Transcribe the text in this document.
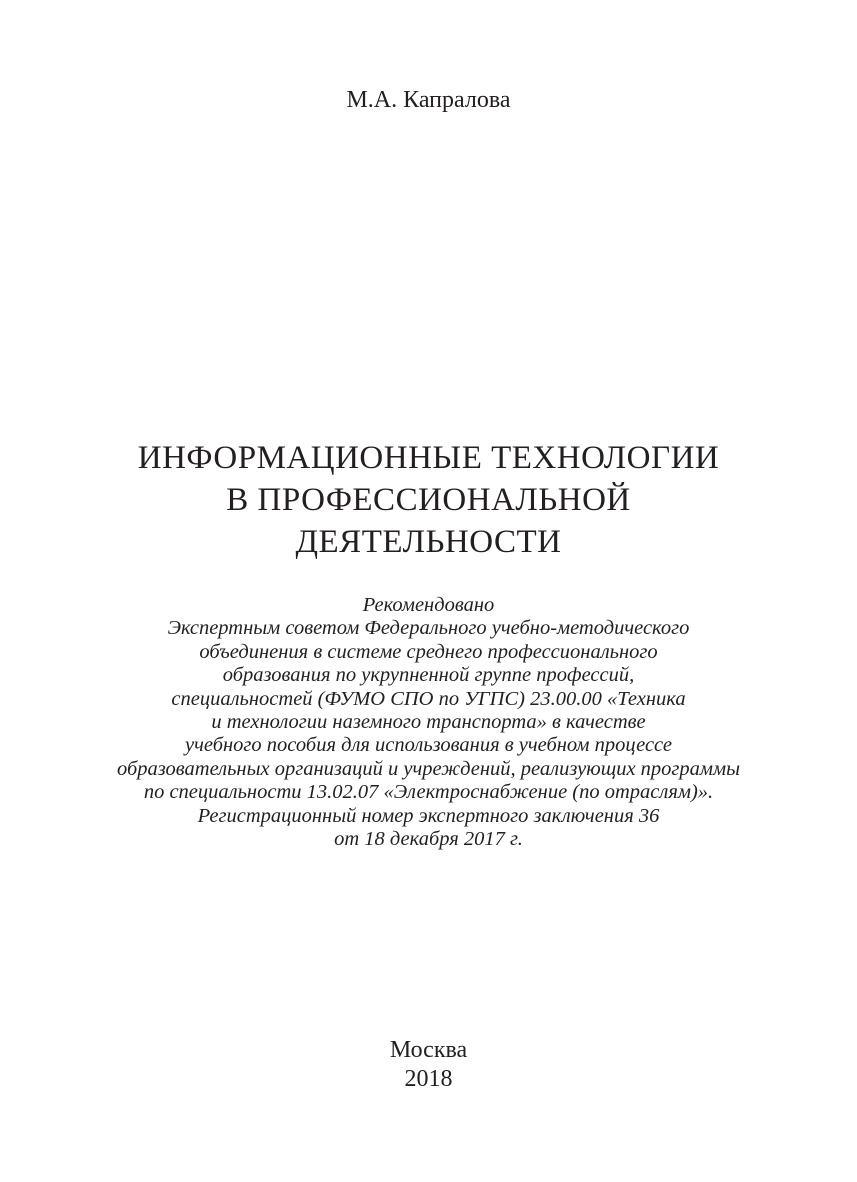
М.А. Капралова
ИНФОРМАЦИОННЫЕ ТЕХНОЛОГИИ
В ПРОФЕССИОНАЛЬНОЙ
ДЕЯТЕЛЬНОСТИ
Рекомендовано
Экспертным советом Федерального учебно-методического
объединения в системе среднего профессионального
образования по укрупненной группе профессий,
специальностей (ФУМО СПО по УГПС) 23.00.00 «Техника
и технологии наземного транспорта» в качестве
учебного пособия для использования в учебном процессе
образовательных организаций и учреждений, реализующих программы
по специальности 13.02.07 «Электроснабжение (по отраслям)».
Регистрационный номер экспертного заключения 36
от 18 декабря 2017 г.
Москва
2018
